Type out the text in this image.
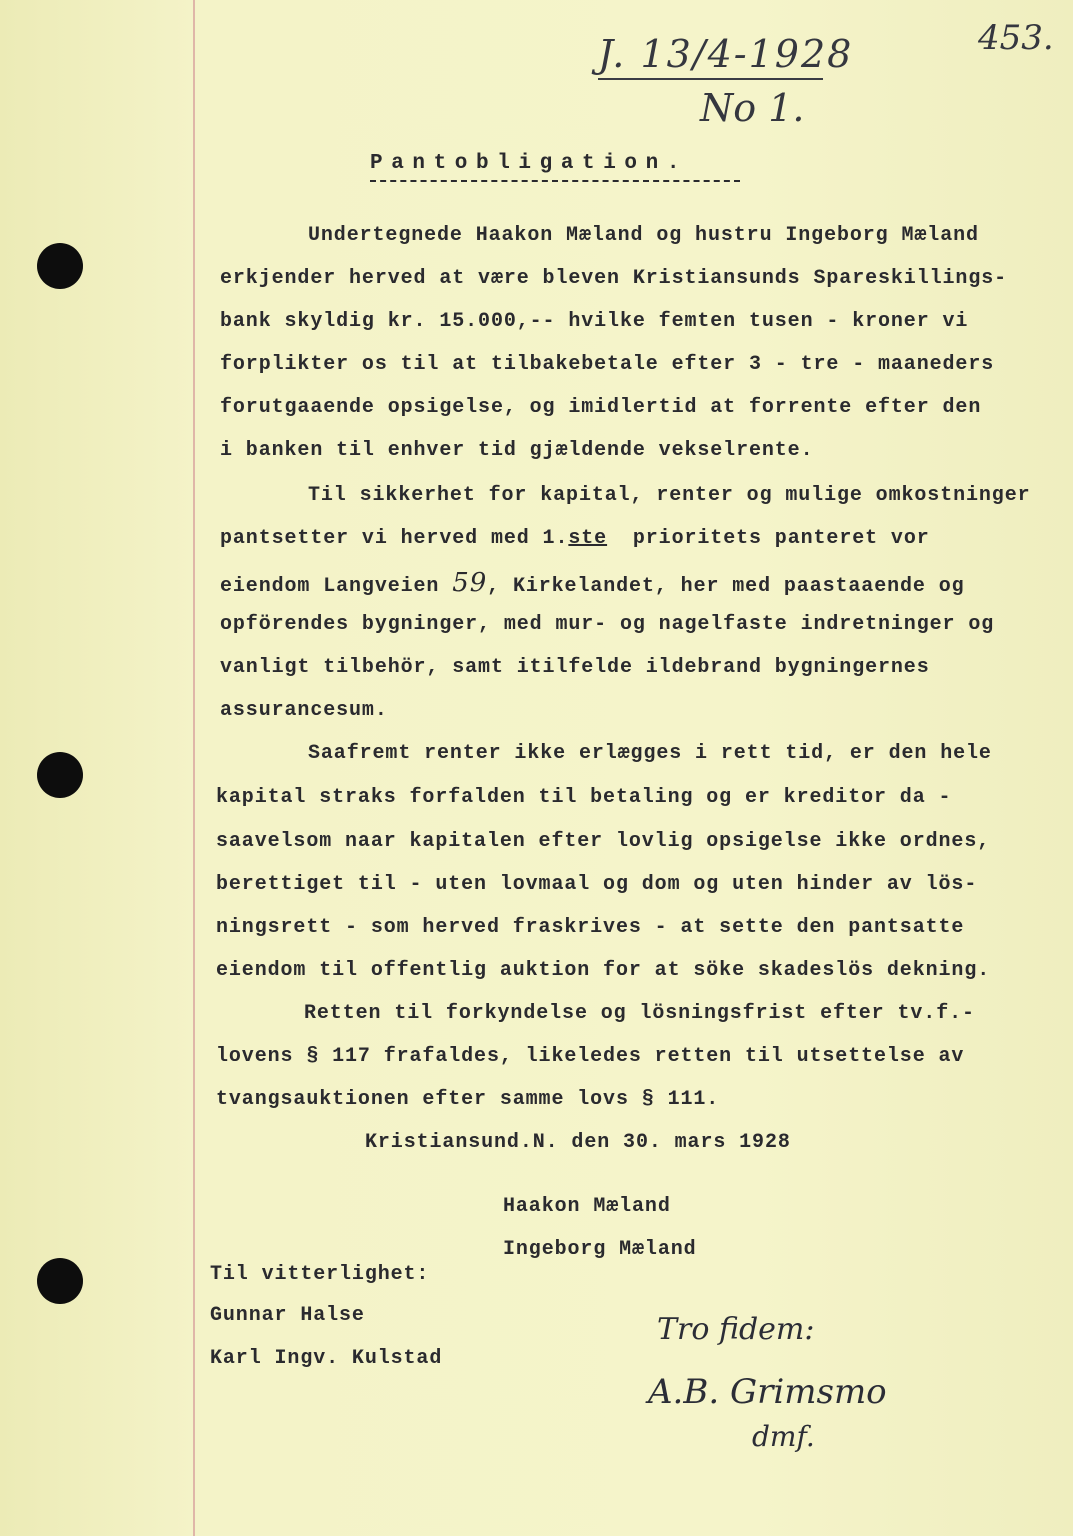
453.
J. 13/4-1928
No 1.
Pantobligation.
Undertegnede Haakon Mæland og hustru Ingeborg Mæland
erkjender herved at være bleven Kristiansunds Spareskillings-
bank skyldig kr. 15.000,-- hvilke femten tusen - kroner vi
forplikter os til at tilbakebetale efter 3 - tre - maaneders
forutgaaende opsigelse, og imidlertid at forrente efter den
i banken til enhver tid gjældende vekselrente.
Til sikkerhet for kapital, renter og mulige omkostninger
pantsetter vi herved med 1.ste  prioritets panteret vor
eiendom Langveien 59, Kirkelandet, her med paastaaende og
opförendes bygninger, med mur- og nagelfaste indretninger og
vanligt tilbehör, samt itilfelde ildebrand bygningernes
assurancesum.
Saafremt renter ikke erlægges i rett tid, er den hele
kapital straks forfalden til betaling og er kreditor da -
saavelsom naar kapitalen efter lovlig opsigelse ikke ordnes,
berettiget til - uten lovmaal og dom og uten hinder av lös-
ningsrett - som herved fraskrives - at sette den pantsatte
eiendom til offentlig auktion for at söke skadeslös dekning.
Retten til forkyndelse og lösningsfrist efter tv.f.-
lovens § 117 frafaldes, likeledes retten til utsettelse av
tvangsauktionen efter samme lovs § 111.
Kristiansund.N. den 30. mars 1928
Haakon Mæland
Ingeborg Mæland
Til vitterlighet:
Gunnar Halse
Karl Ingv. Kulstad
Tro fidem:
A.B. Grimsmo
dmf.
